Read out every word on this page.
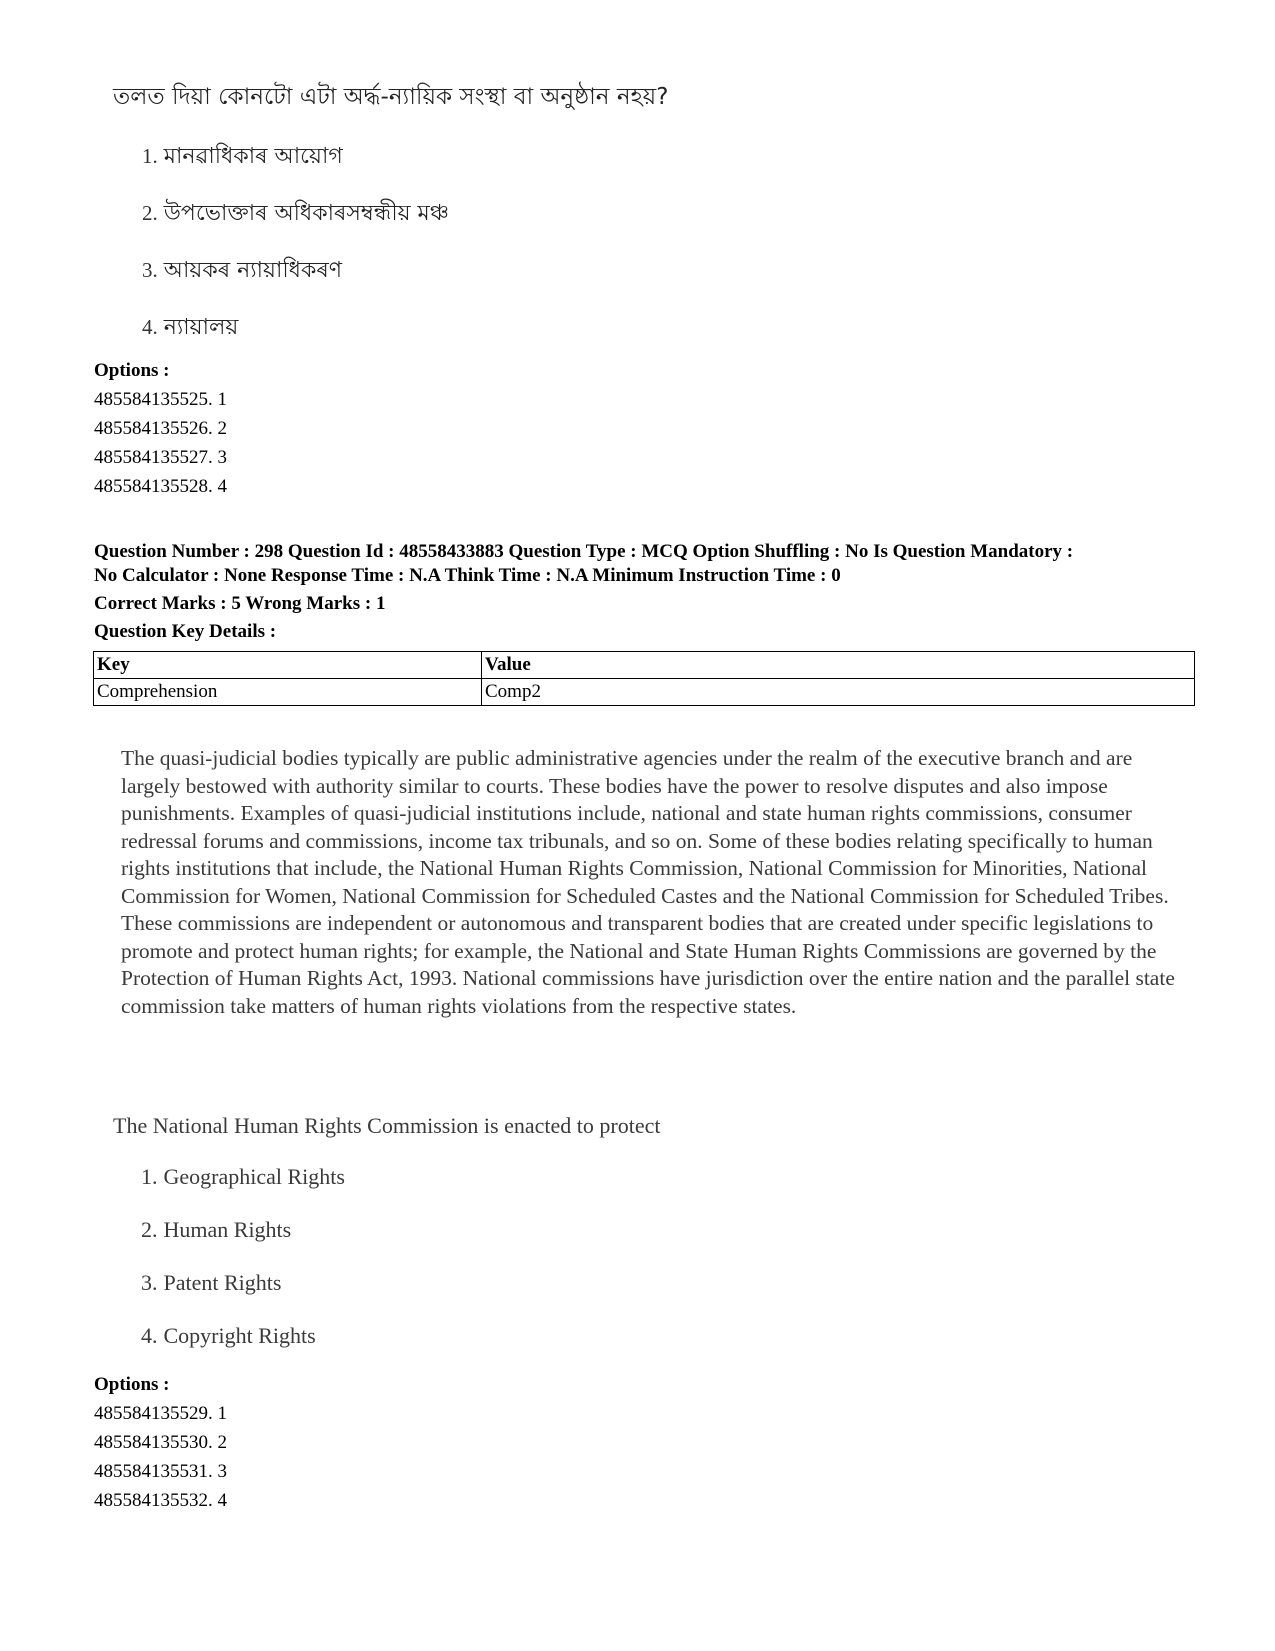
তলত দিয়া কোনটো এটা অৰ্দ্ধ-ন্যায়িক সংস্থা বা অনুষ্ঠান নহয়?
1. মানৱাধিকাৰ আয়োগ
2. উপভোক্তাৰ অধিকাৰসম্বন্ধীয় মঞ্চ
3. আয়কৰ ন্যায়াধিকৰণ
4. ন্যায়ালয়
Options :
485584135525. 1
485584135526. 2
485584135527. 3
485584135528. 4
Question Number : 298 Question Id : 48558433883 Question Type : MCQ Option Shuffling : No Is Question Mandatory :
No Calculator : None Response Time : N.A Think Time : N.A Minimum Instruction Time : 0
Correct Marks : 5 Wrong Marks : 1
Question Key Details :
Key	Value
Comprehension	Comp2
The quasi-judicial bodies typically are public administrative agencies under the realm of the executive branch and are largely bestowed with authority similar to courts. These bodies have the power to resolve disputes and also impose punishments. Examples of quasi-judicial institutions include, national and state human rights commissions, consumer redressal forums and commissions, income tax tribunals, and so on. Some of these bodies relating specifically to human rights institutions that include, the National Human Rights Commission, National Commission for Minorities, National Commission for Women, National Commission for Scheduled Castes and the National Commission for Scheduled Tribes. These commissions are independent or autonomous and transparent bodies that are created under specific legislations to promote and protect human rights; for example, the National and State Human Rights Commissions are governed by the Protection of Human Rights Act, 1993. National commissions have jurisdiction over the entire nation and the parallel state commission take matters of human rights violations from the respective states.
The National Human Rights Commission is enacted to protect
1. Geographical Rights
2. Human Rights
3. Patent Rights
4. Copyright Rights
Options :
485584135529. 1
485584135530. 2
485584135531. 3
485584135532. 4
